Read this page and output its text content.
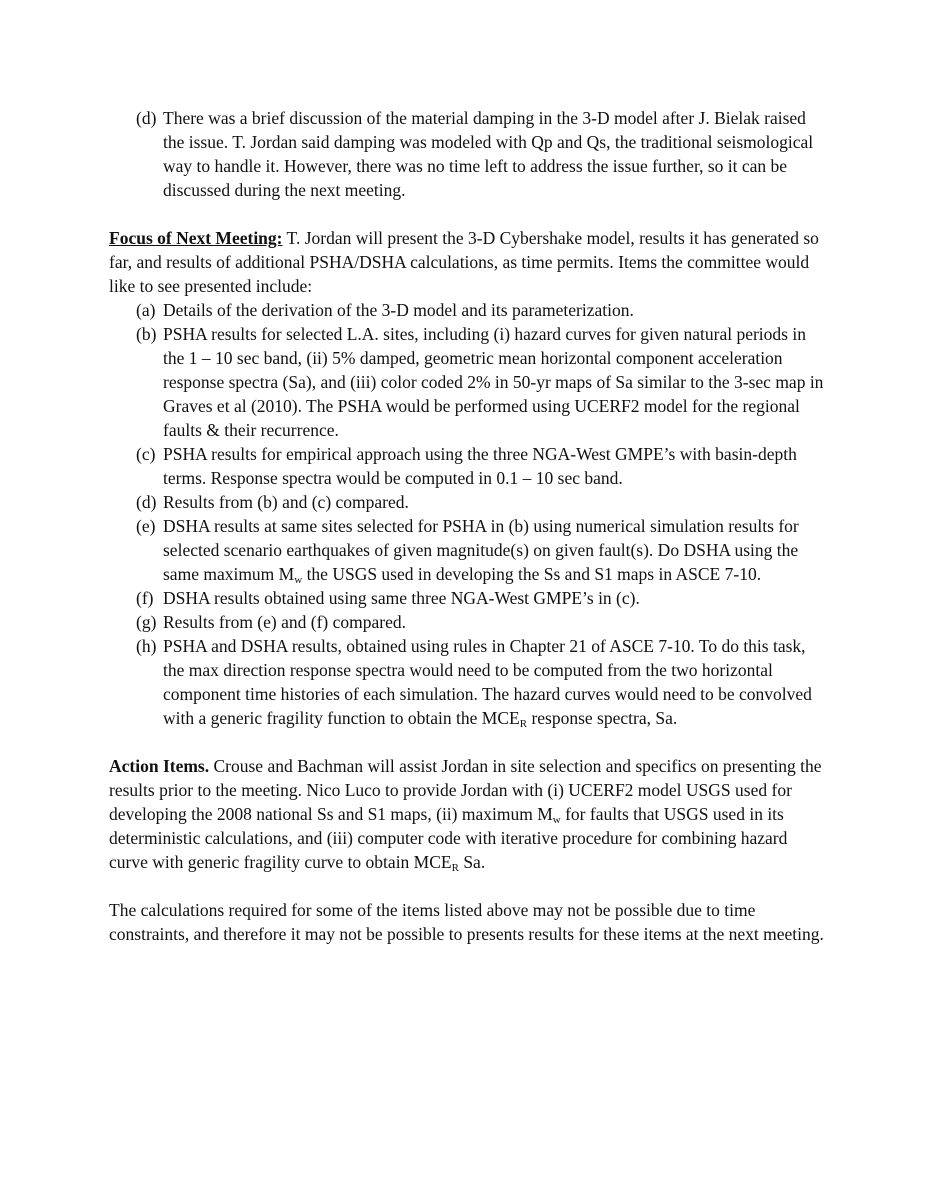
(d) There was a brief discussion of the material damping in the 3-D model after J. Bielak raised the issue. T. Jordan said damping was modeled with Qp and Qs, the traditional seismological way to handle it. However, there was no time left to address the issue further, so it can be discussed during the next meeting.

Focus of Next Meeting: T. Jordan will present the 3-D Cybershake model, results it has generated so far, and results of additional PSHA/DSHA calculations, as time permits. Items the committee would like to see presented include:

(a) Details of the derivation of the 3-D model and its parameterization.
(b) PSHA results for selected L.A. sites, including (i) hazard curves for given natural periods in the 1 – 10 sec band, (ii) 5% damped, geometric mean horizontal component acceleration response spectra (Sa), and (iii) color coded 2% in 50-yr maps of Sa similar to the 3-sec map in Graves et al (2010). The PSHA would be performed using UCERF2 model for the regional faults & their recurrence.
(c) PSHA results for empirical approach using the three NGA-West GMPE’s with basin-depth terms. Response spectra would be computed in 0.1 – 10 sec band.
(d) Results from (b) and (c) compared.
(e) DSHA results at same sites selected for PSHA in (b) using numerical simulation results for selected scenario earthquakes of given magnitude(s) on given fault(s). Do DSHA using the same maximum $M_w$ the USGS used in developing the Ss and S1 maps in ASCE 7-10.
(f) DSHA results obtained using same three NGA-West GMPE’s in (c).
(g) Results from (e) and (f) compared.
(h) PSHA and DSHA results, obtained using rules in Chapter 21 of ASCE 7-10. To do this task, the max direction response spectra would need to be computed from the two horizontal component time histories of each simulation. The hazard curves would need to be convolved with a generic fragility function to obtain the $MCE_R$ response spectra, Sa.

Action Items. Crouse and Bachman will assist Jordan in site selection and specifics on presenting the results prior to the meeting. Nico Luco to provide Jordan with (i) UCERF2 model USGS used for developing the 2008 national Ss and S1 maps, (ii) maximum $M_w$ for faults that USGS used in its deterministic calculations, and (iii) computer code with iterative procedure for combining hazard curve with generic fragility curve to obtain $MCE_R$ Sa.

The calculations required for some of the items listed above may not be possible due to time constraints, and therefore it may not be possible to presents results for these items at the next meeting.
